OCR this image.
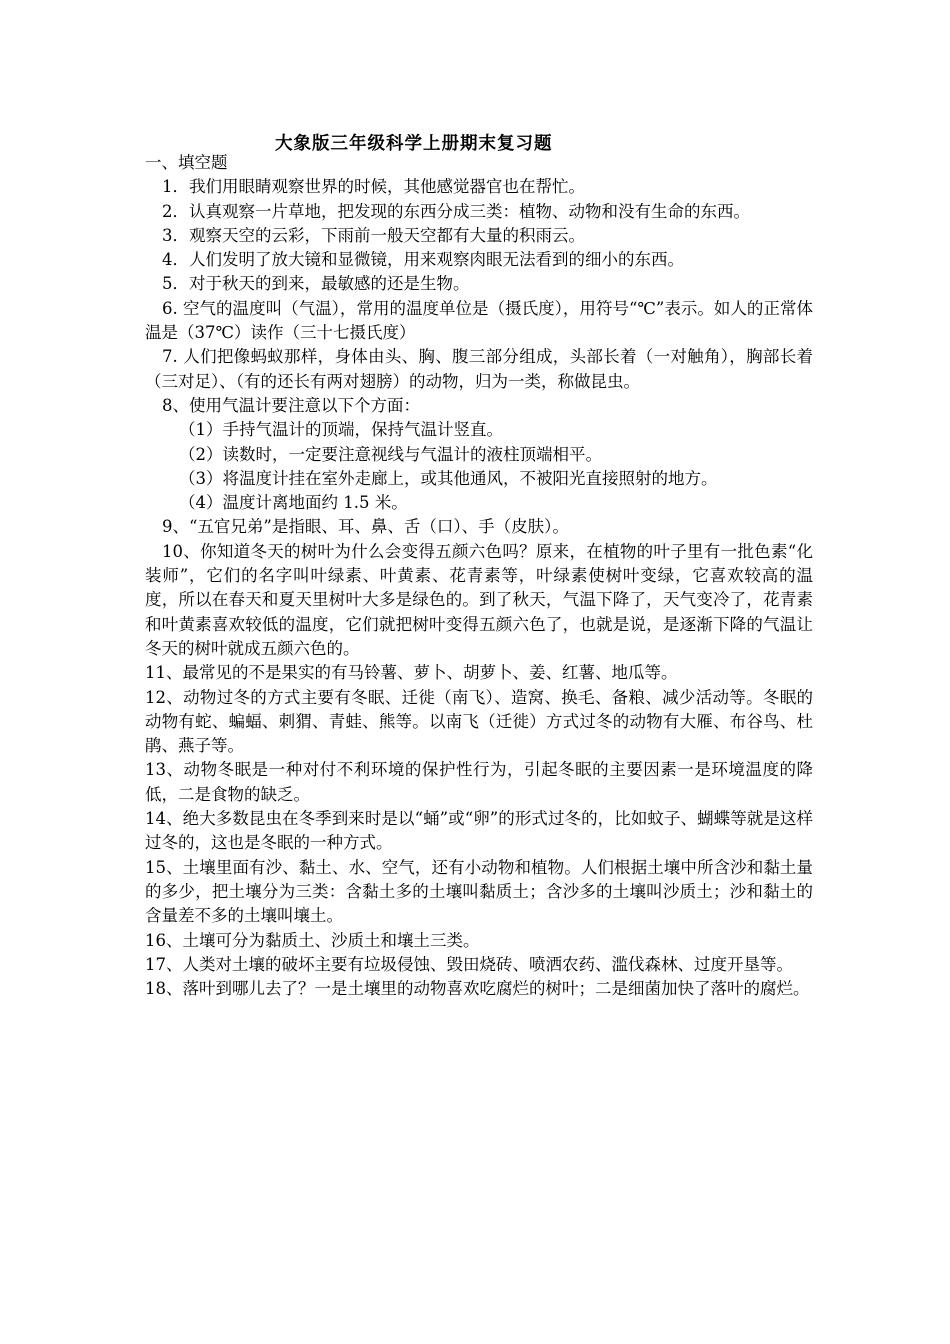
大象版三年级科学上册期末复习题

一、填空题

1．我们用眼睛观察世界的时候，其他感觉器官也在帮忙。

2．认真观察一片草地，把发现的东西分成三类：植物、动物和没有生命的东西。

3．观察天空的云彩，下雨前一般天空都有大量的积雨云。

4．人们发明了放大镜和显微镜，用来观察肉眼无法看到的细小的东西。

5．对于秋天的到来，最敏感的还是生物。

6. 空气的温度叫（气温），常用的温度单位是（摄氏度），用符号“℃”表示。如人的正常体温是（37℃）读作（三十七摄氏度）

7. 人们把像蚂蚁那样，身体由头、胸、腹三部分组成，头部长着（一对触角），胸部长着（三对足）、（有的还长有两对翅膀）的动物，归为一类，称做昆虫。

8、使用气温计要注意以下个方面：

（1）手持气温计的顶端，保持气温计竖直。

（2）读数时，一定要注意视线与气温计的液柱顶端相平。

（3）将温度计挂在室外走廊上，或其他通风，不被阳光直接照射的地方。

（4）温度计离地面约 1.5 米。

9、“五官兄弟”是指眼、耳、鼻、舌（口）、手（皮肤）。

10、你知道冬天的树叶为什么会变得五颜六色吗？原来，在植物的叶子里有一批色素“化装师”，它们的名字叫叶绿素、叶黄素、花青素等，叶绿素使树叶变绿，它喜欢较高的温度，所以在春天和夏天里树叶大多是绿色的。到了秋天，气温下降了，天气变冷了，花青素和叶黄素喜欢较低的温度，它们就把树叶变得五颜六色了，也就是说，是逐渐下降的气温让冬天的树叶就成五颜六色的。

11、最常见的不是果实的有马铃薯、萝卜、胡萝卜、姜、红薯、地瓜等。

12、动物过冬的方式主要有冬眠、迁徙（南飞）、造窝、换毛、备粮、减少活动等。冬眠的动物有蛇、蝙蝠、刺猬、青蛙、熊等。以南飞（迁徙）方式过冬的动物有大雁、布谷鸟、杜鹃、燕子等。

13、动物冬眠是一种对付不利环境的保护性行为，引起冬眠的主要因素一是环境温度的降低，二是食物的缺乏。

14、绝大多数昆虫在冬季到来时是以“蛹”或“卵”的形式过冬的，比如蚊子、蝴蝶等就是这样过冬的，这也是冬眠的一种方式。

15、土壤里面有沙、黏土、水、空气，还有小动物和植物。人们根据土壤中所含沙和黏土量的多少，把土壤分为三类：含黏土多的土壤叫黏质土；含沙多的土壤叫沙质土；沙和黏土的含量差不多的土壤叫壤土。

16、土壤可分为黏质土、沙质土和壤土三类。

17、人类对土壤的破坏主要有垃圾侵蚀、毁田烧砖、喷洒农药、滥伐森林、过度开垦等。

18、落叶到哪儿去了？一是土壤里的动物喜欢吃腐烂的树叶；二是细菌加快了落叶的腐烂。
